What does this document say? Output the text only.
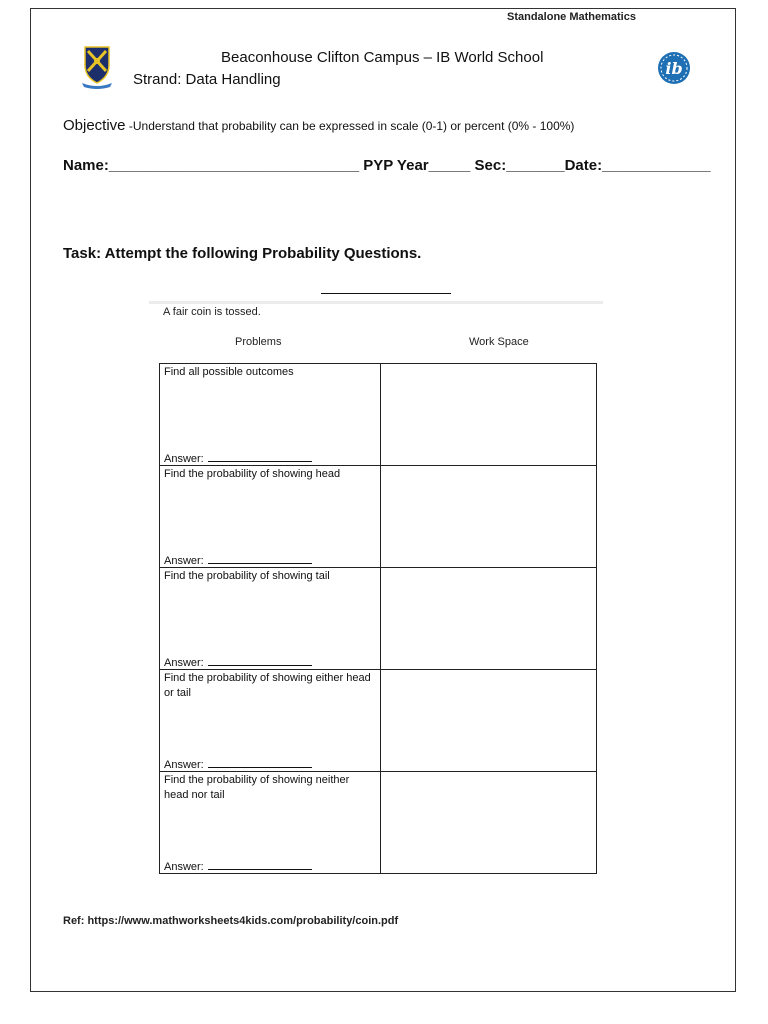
Standalone Mathematics
Beaconhouse Clifton Campus – IB World School
Strand: Data Handling
ib
Objective -Understand that probability can be expressed in scale (0-1) or percent (0% - 100%)
Name:______________________________ PYP Year_____ Sec:_______Date:_____________
Task: Attempt the following Probability Questions.
A fair coin is tossed.
Problems	Work Space
Find all possible outcomes
Answer:	

Find the probability of showing head
Answer:	

Find the probability of showing tail
Answer:	

Find the probability of showing either head or tail
Answer:	

Find the probability of showing neither head nor tail
Answer:	

Ref: https://www.mathworksheets4kids.com/probability/coin.pdf
